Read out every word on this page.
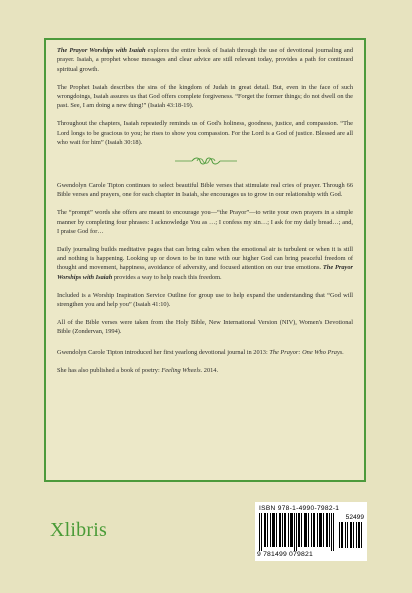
The Prayor Worships with Isaiah explores the entire book of Isaiah through the use of devotional journaling and prayer. Isaiah, a prophet whose messages and clear advice are still relevant today, provides a path for continued spiritual growth.

The Prophet Isaiah describes the sins of the kingdom of Judah in great detail. But, even in the face of such wrongdoings, Isaiah assures us that God offers complete forgiveness. “Forget the former things; do not dwell on the past. See, I am doing a new thing!” (Isaiah 43:18-19).

Throughout the chapters, Isaiah repeatedly reminds us of God's holiness, goodness, justice, and compassion. “The Lord longs to be gracious to you; he rises to show you compassion. For the Lord is a God of justice. Blessed are all who wait for him” (Isaiah 30:18).

Gwendolyn Carole Tipton continues to select beautiful Bible verses that stimulate real cries of prayer. Through 66 Bible verses and prayers, one for each chapter in Isaiah, she encourages us to grow in our relationship with God.

The “prompt” words she offers are meant to encourage you—“the Prayor”—to write your own prayers in a simple manner by completing four phrases: I acknowledge You as …; I confess my sin…; I ask for my daily bread…; and, I praise God for…

Daily journaling builds meditative pages that can bring calm when the emotional air is turbulent or when it is still and nothing is happening. Looking up or down to be in tune with our higher God can bring peaceful freedom of thought and movement, happiness, avoidance of adversity, and focused attention on our true emotions. The Prayor Worships with Isaiah provides a way to help reach this freedom.

Included is a Worship Inspiration Service Outline for group use to help expand the understanding that “God will strengthen you and help you” (Isaiah 41:10).

All of the Bible verses were taken from the Holy Bible, New International Version (NIV), Women's Devotional Bible (Zondervan, 1994).

Gwendolyn Carole Tipton introduced her first yearlong devotional journal in 2013: The Prayor: One Who Prays.

She has also published a book of poetry: Feeling Wheels. 2014.

Xlibris
ISBN 978-1-4990-7982-1
52499
9 781499 079821
